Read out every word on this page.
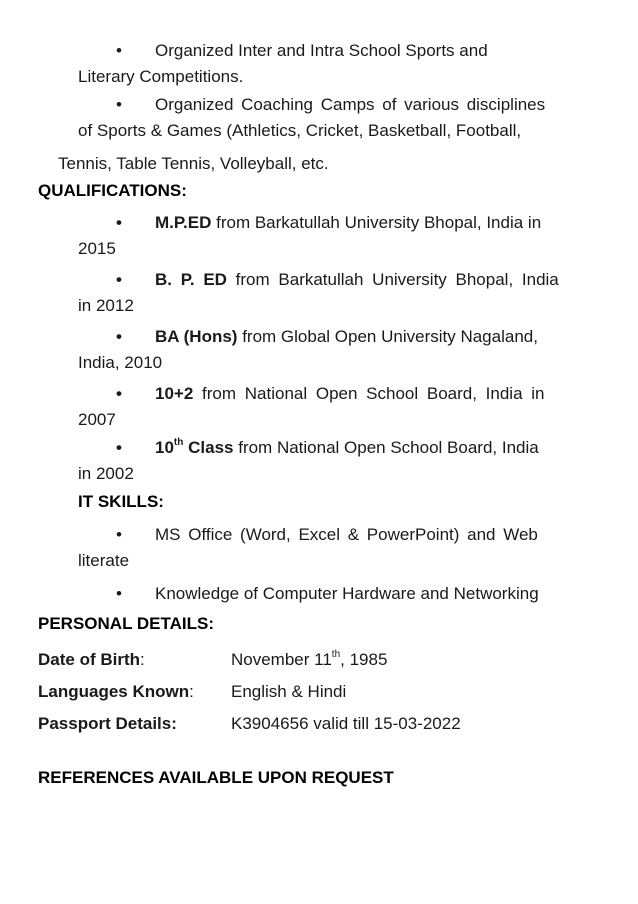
• Organized Inter and Intra School Sports and
Literary Competitions.
• Organized Coaching Camps of various disciplines
of Sports & Games (Athletics, Cricket, Basketball, Football,
Tennis, Table Tennis, Volleyball, etc.
QUALIFICATIONS:
• M.P.ED from Barkatullah University Bhopal, India in
2015
• B. P. ED from Barkatullah University Bhopal, India
in 2012
• BA (Hons) from Global Open University Nagaland,
India, 2010
• 10+2 from National Open School Board, India in
2007
• 10th Class from National Open School Board, India
in 2002
IT SKILLS:
• MS Office (Word, Excel & PowerPoint) and Web
literate
• Knowledge of Computer Hardware and Networking
PERSONAL DETAILS:
Date of Birth:	November 11th, 1985
Languages Known: English & Hindi
Passport Details:	K3904656 valid till 15-03-2022
REFERENCES AVAILABLE UPON REQUEST
